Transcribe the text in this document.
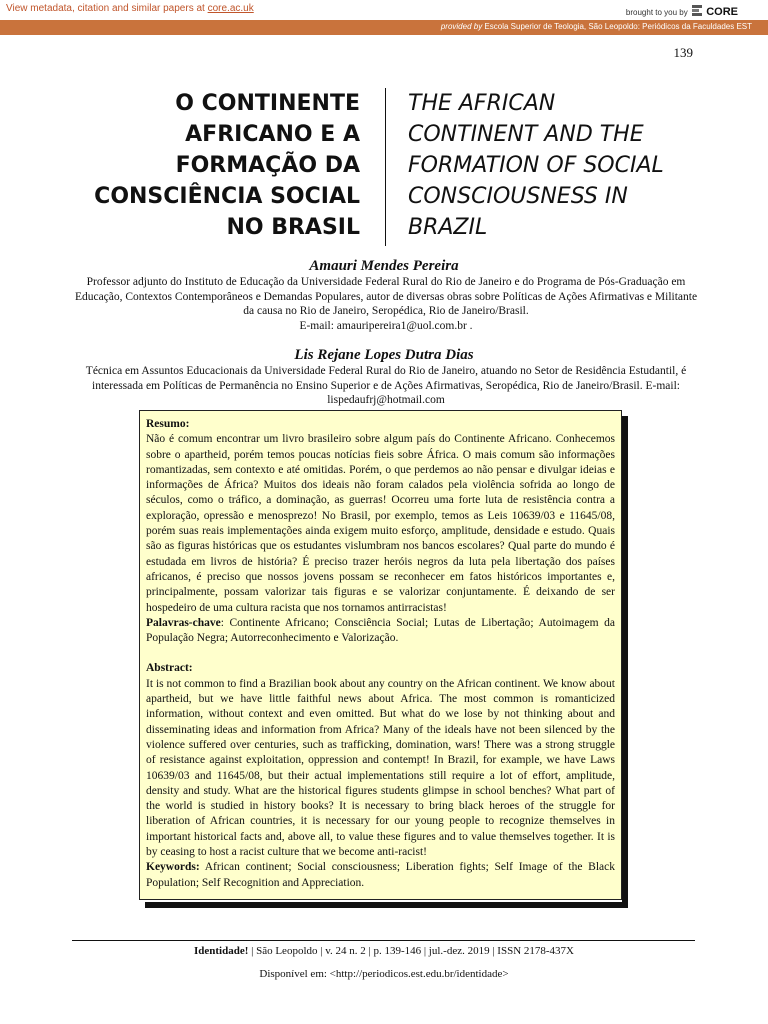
View metadata, citation and similar papers at core.ac.uk	brought to you by CORE
provided by Escola Superior de Teologia, São Leopoldo: Periódicos da Faculdades EST
139
O CONTINENTE
AFRICANO E A
FORMAÇÃO DA
CONSCIÊNCIA SOCIAL
NO BRASIL
THE AFRICAN
CONTINENT AND THE
FORMATION OF SOCIAL
CONSCIOUSNESS IN
BRAZIL
Amauri Mendes Pereira
Professor adjunto do Instituto de Educação da Universidade Federal Rural do Rio de Janeiro e do Programa de Pós-Graduação em Educação, Contextos Contemporâneos e Demandas Populares, autor de diversas obras sobre Políticas de Ações Afirmativas e Militante da causa no Rio de Janeiro, Seropédica, Rio de Janeiro/Brasil.
E-mail: amauripereira1@uol.com.br .
Lis Rejane Lopes Dutra Dias
Técnica em Assuntos Educacionais da Universidade Federal Rural do Rio de Janeiro, atuando no Setor de Residência Estudantil, é interessada em Políticas de Permanência no Ensino Superior e de Ações Afirmativas, Seropédica, Rio de Janeiro/Brasil. E-mail: lispedaufrj@hotmail.com

Resumo:

Não é comum encontrar um livro brasileiro sobre algum país do Continente Africano. Conhecemos sobre o apartheid, porém temos poucas notícias fieis sobre África. O mais comum são informações romantizadas, sem contexto e até omitidas. Porém, o que perdemos ao não pensar e divulgar ideias e informações de África? Muitos dos ideais não foram calados pela violência sofrida ao longo de séculos, como o tráfico, a dominação, as guerras! Ocorreu uma forte luta de resistência contra a exploração, opressão e menosprezo! No Brasil, por exemplo, temos as Leis 10639/03 e 11645/08, porém suas reais implementações ainda exigem muito esforço, amplitude, densidade e estudo. Quais são as figuras históricas que os estudantes vislumbram nos bancos escolares? Qual parte do mundo é estudada em livros de história? É preciso trazer heróis negros da luta pela libertação dos países africanos, é preciso que nossos jovens possam se reconhecer em fatos históricos importantes e, principalmente, possam valorizar tais figuras e se valorizar conjuntamente. É deixando de ser hospedeiro de uma cultura racista que nos tornamos antirracistas!

Palavras-chave: Continente Africano; Consciência Social; Lutas de Libertação; Autoimagem da População Negra; Autorreconhecimento e Valorização.

Abstract:

It is not common to find a Brazilian book about any country on the African continent. We know about apartheid, but we have little faithful news about Africa. The most common is romanticized information, without context and even omitted. But what do we lose by not thinking about and disseminating ideas and information from Africa? Many of the ideals have not been silenced by the violence suffered over centuries, such as trafficking, domination, wars! There was a strong struggle of resistance against exploitation, oppression and contempt! In Brazil, for example, we have Laws 10639/03 and 11645/08, but their actual implementations still require a lot of effort, amplitude, density and study. What are the historical figures students glimpse in school benches? What part of the world is studied in history books? It is necessary to bring black heroes of the struggle for liberation of African countries, it is necessary for our young people to recognize themselves in important historical facts and, above all, to value these figures and to value themselves together. It is by ceasing to host a racist culture that we become anti-racist!

Keywords: African continent; Social consciousness; Liberation fights; Self Image of the Black Population; Self Recognition and Appreciation.

Identidade! | São Leopoldo | v. 24 n. 2 | p. 139-146 | jul.-dez. 2019 | ISSN 2178-437X
Disponível em: <http://periodicos.est.edu.br/identidade>
